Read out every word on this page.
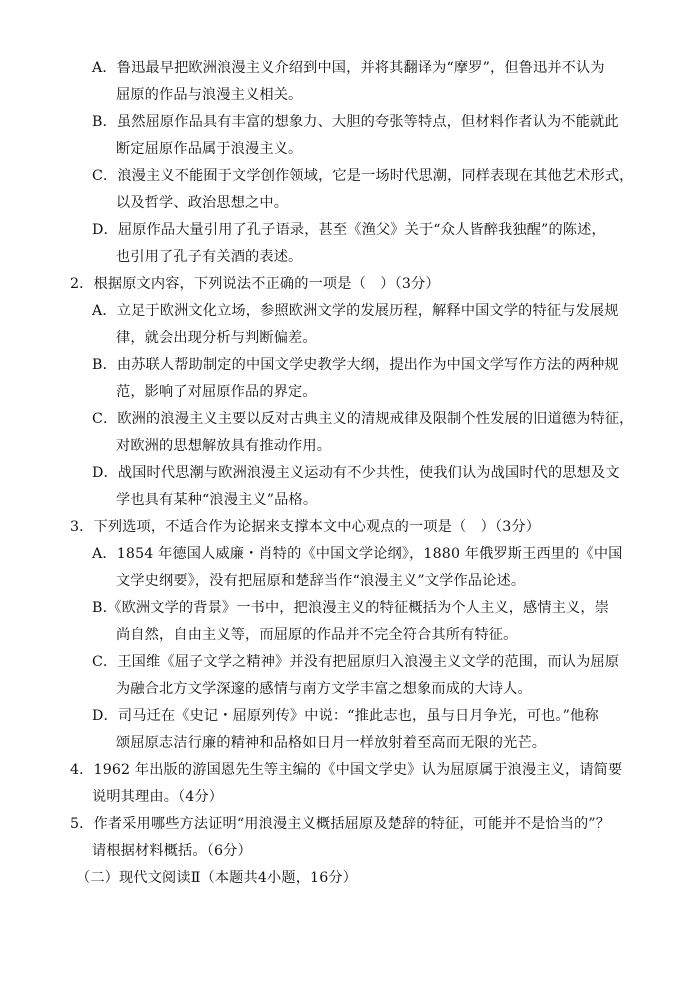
A．鲁迅最早把欧洲浪漫主义介绍到中国，并将其翻译为“摩罗”，但鲁迅并不认为
屈原的作品与浪漫主义相关。
B．虽然屈原作品具有丰富的想象力、大胆的夸张等特点，但材料作者认为不能就此
断定屈原作品属于浪漫主义。
C．浪漫主义不能囿于文学创作领域，它是一场时代思潮，同样表现在其他艺术形式，
以及哲学、政治思想之中。
D．屈原作品大量引用了孔子语录，甚至《渔父》关于“众人皆醉我独醒”的陈述，
也引用了孔子有关酒的表述。
2．根据原文内容，下列说法不正确的一项是（　）（3分）
A．立足于欧洲文化立场，参照欧洲文学的发展历程，解释中国文学的特征与发展规
律，就会出现分析与判断偏差。
B．由苏联人帮助制定的中国文学史教学大纲，提出作为中国文学写作方法的两种规
范，影响了对屈原作品的界定。
C．欧洲的浪漫主义主要以反对古典主义的清规戒律及限制个性发展的旧道德为特征，
对欧洲的思想解放具有推动作用。
D．战国时代思潮与欧洲浪漫主义运动有不少共性，使我们认为战国时代的思想及文
学也具有某种“浪漫主义”品格。
3．下列选项，不适合作为论据来支撑本文中心观点的一项是（　）（3分）
A．1854 年德国人威廉・肖特的《中国文学论纲》，1880 年俄罗斯王西里的《中国
文学史纲要》，没有把屈原和楚辞当作“浪漫主义”文学作品论述。
B.《欧洲文学的背景》一书中，把浪漫主义的特征概括为个人主义，感情主义，崇
尚自然，自由主义等，而屈原的作品并不完全符合其所有特征。
C．王国维《屈子文学之精神》并没有把屈原归入浪漫主义文学的范围，而认为屈原
为融合北方文学深邃的感情与南方文学丰富之想象而成的大诗人。
D．司马迁在《史记・屈原列传》中说：“推此志也，虽与日月争光，可也。”他称
颂屈原志洁行廉的精神和品格如日月一样放射着至高而无限的光芒。
4．1962 年出版的游国恩先生等主编的《中国文学史》认为屈原属于浪漫主义，请简要
说明其理由。（4分）
5．作者采用哪些方法证明“用浪漫主义概括屈原及楚辞的特征，可能并不是恰当的”？
请根据材料概括。（6分）
（二）现代文阅读Ⅱ（本题共4小题，16分）
